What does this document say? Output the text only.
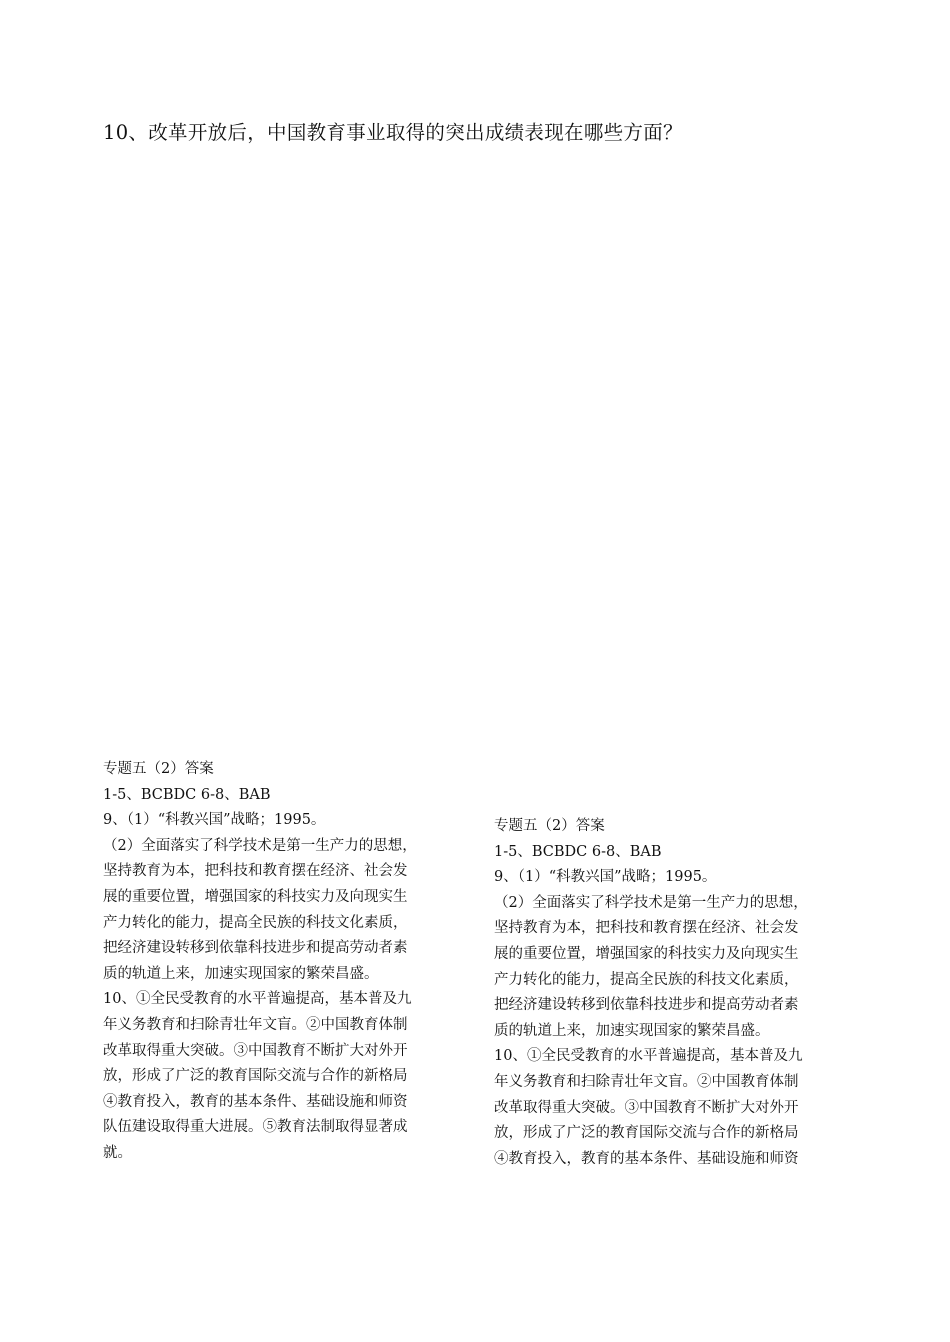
10、改革开放后，中国教育事业取得的突出成绩表现在哪些方面？
专题五（2）答案
1-5、BCBDC 6-8、BAB
9、（1）“科教兴国”战略；1995。
（2）全面落实了科学技术是第一生产力的思想，
坚持教育为本，把科技和教育摆在经济、社会发
展的重要位置，增强国家的科技实力及向现实生
产力转化的能力，提高全民族的科技文化素质，
把经济建设转移到依靠科技进步和提高劳动者素
质的轨道上来，加速实现国家的繁荣昌盛。
10、①全民受教育的水平普遍提高，基本普及九
年义务教育和扫除青壮年文盲。②中国教育体制
改革取得重大突破。③中国教育不断扩大对外开
放，形成了广泛的教育国际交流与合作的新格局
④教育投入，教育的基本条件、基础设施和师资
队伍建设取得重大进展。⑤教育法制取得显著成
就。
专题五（2）答案
1-5、BCBDC 6-8、BAB
9、（1）“科教兴国”战略；1995。
（2）全面落实了科学技术是第一生产力的思想，
坚持教育为本，把科技和教育摆在经济、社会发
展的重要位置，增强国家的科技实力及向现实生
产力转化的能力，提高全民族的科技文化素质，
把经济建设转移到依靠科技进步和提高劳动者素
质的轨道上来，加速实现国家的繁荣昌盛。
10、①全民受教育的水平普遍提高，基本普及九
年义务教育和扫除青壮年文盲。②中国教育体制
改革取得重大突破。③中国教育不断扩大对外开
放，形成了广泛的教育国际交流与合作的新格局
④教育投入，教育的基本条件、基础设施和师资
